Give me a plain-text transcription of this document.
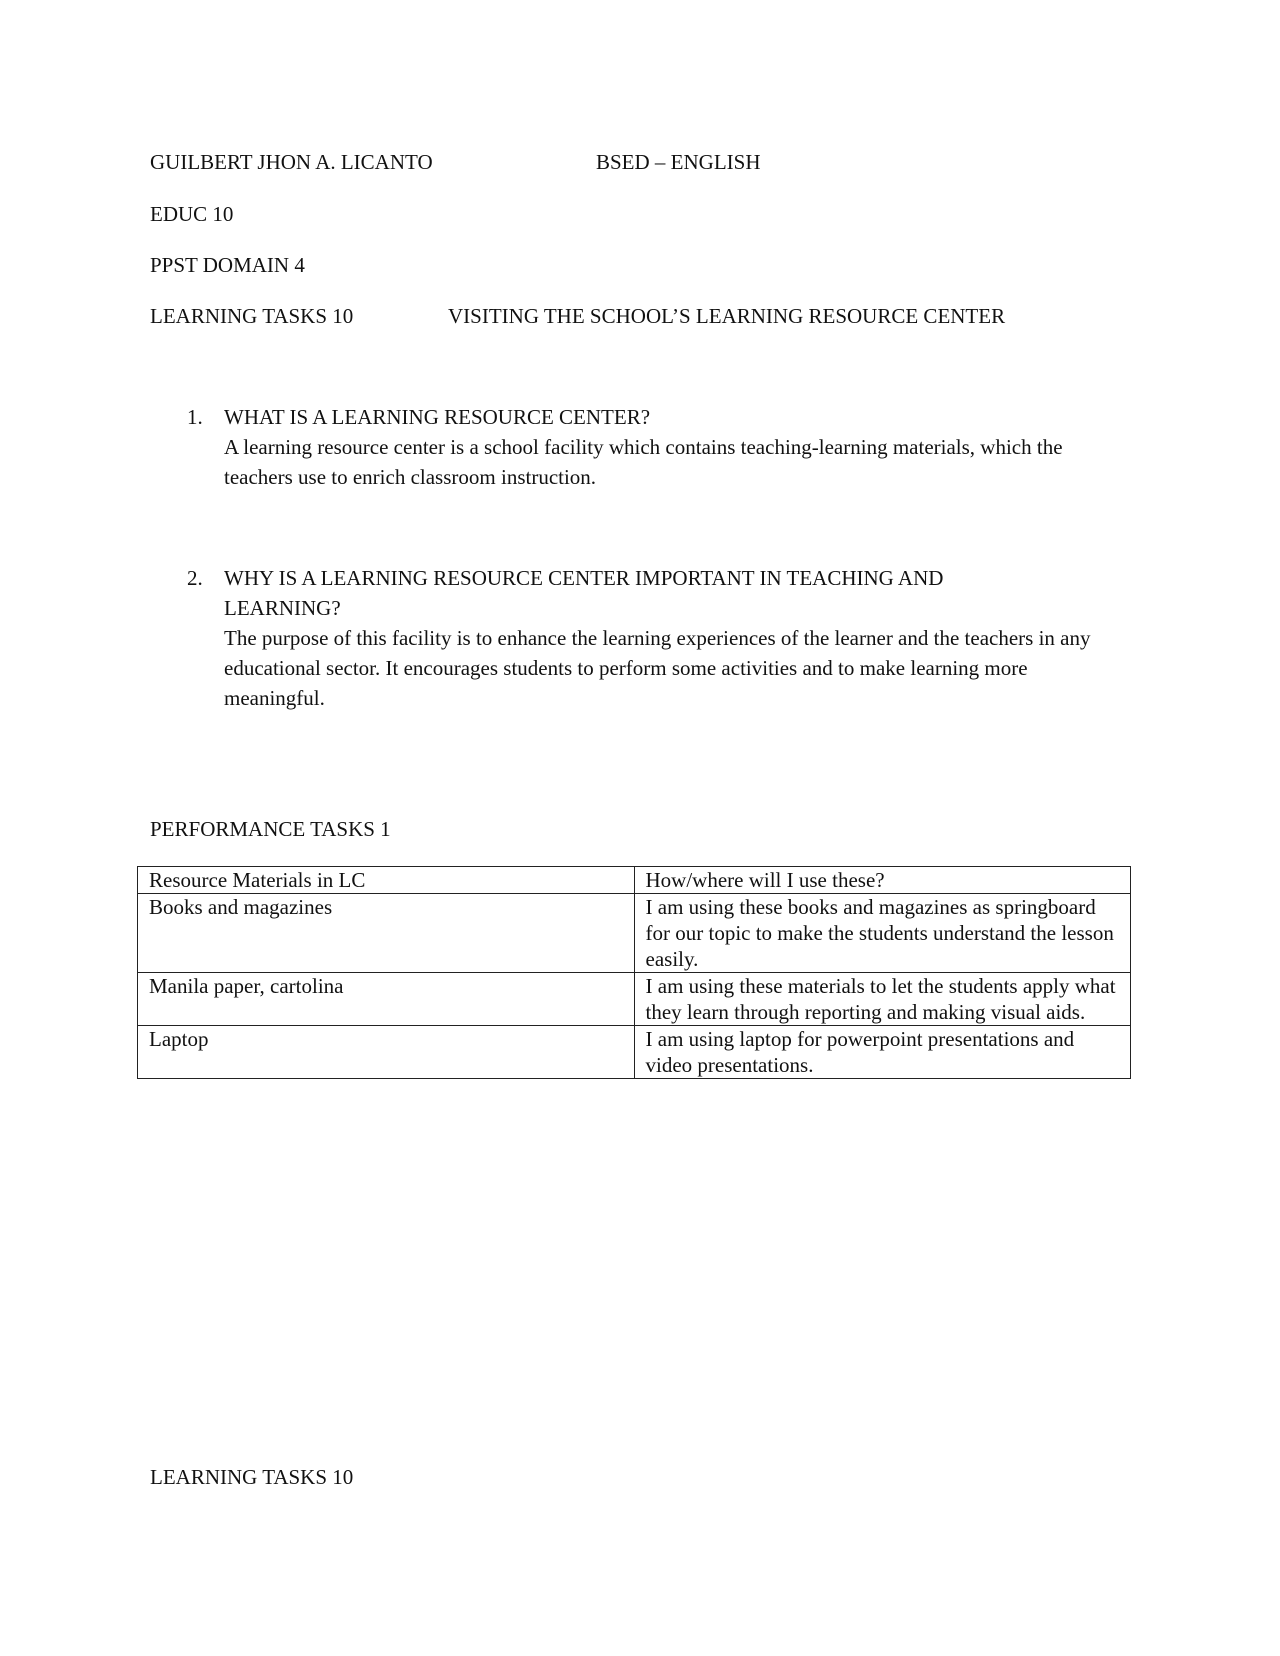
GUILBERT JHON A. LICANTO	BSED – ENGLISH
EDUC 10
PPST DOMAIN 4
LEARNING TASKS 10	VISITING THE SCHOOL’S LEARNING RESOURCE CENTER
1. WHAT IS A LEARNING RESOURCE CENTER?
A learning resource center is a school facility which contains teaching-learning materials, which the teachers use to enrich classroom instruction.
2. WHY IS A LEARNING RESOURCE CENTER IMPORTANT IN TEACHING AND LEARNING?
The purpose of this facility is to enhance the learning experiences of the learner and the teachers in any educational sector. It encourages students to perform some activities and to make learning more meaningful.
PERFORMANCE TASKS 1
Resource Materials in LC	How/where will I use these?
Books and magazines	I am using these books and magazines as springboard for our topic to make the students understand the lesson easily.
Manila paper, cartolina	I am using these materials to let the students apply what they learn through reporting and making visual aids.
Laptop	I am using laptop for powerpoint presentations and video presentations.
LEARNING TASKS 10
